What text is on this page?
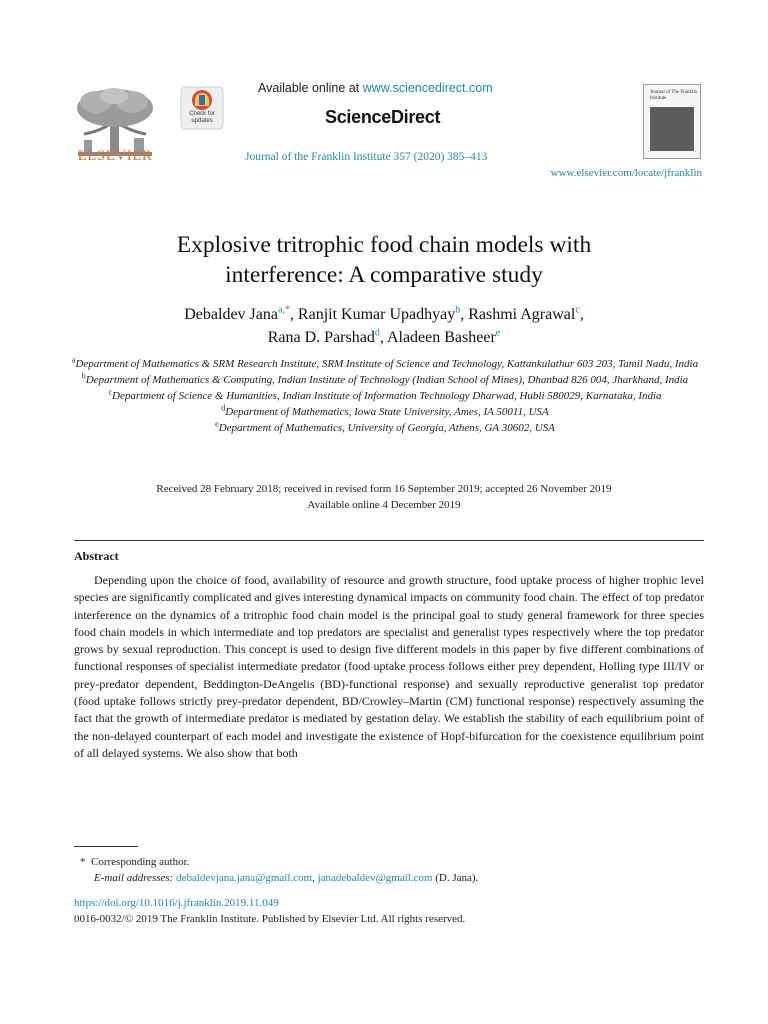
ELSEVIER
Check for updates
Available online at www.sciencedirect.com
ScienceDirect
Journal of the Franklin Institute 357 (2020) 385–413
www.elsevier.com/locate/jfranklin
Journal of The Franklin Institute
Explosive tritrophic food chain models with
interference: A comparative study
Debaldev Jana$^{a,*}$, Ranjit Kumar Upadhyay$^b$, Rashmi Agrawal$^c$,
Rana D. Parshad$^d$, Aladeen Basheer$^e$
$^a$Department of Mathematics & SRM Research Institute, SRM Institute of Science and Technology, Kattankulathur 603 203, Tamil Nadu, India
$^b$Department of Mathematics & Computing, Indian Institute of Technology (Indian School of Mines), Dhanbad 826 004, Jharkhand, India
$^c$Department of Science & Humanities, Indian Institute of Information Technology Dharwad, Hubli 580029, Karnataka, India
$^d$Department of Mathematics, Iowa State University, Ames, IA 50011, USA
$^e$Department of Mathematics, University of Georgia, Athens, GA 30602, USA
Received 28 February 2018; received in revised form 16 September 2019; accepted 26 November 2019
Available online 4 December 2019
Abstract
Depending upon the choice of food, availability of resource and growth structure, food uptake process of higher trophic level species are significantly complicated and gives interesting dynamical impacts on community food chain. The effect of top predator interference on the dynamics of a tritrophic food chain model is the principal goal to study general framework for three species food chain models in which intermediate and top predators are specialist and generalist types respectively where the top predator grows by sexual reproduction. This concept is used to design five different models in this paper by five different combinations of functional responses of specialist intermediate predator (food uptake process follows either prey dependent, Holling type III/IV or prey-predator dependent, Beddington-DeAngelis (BD)-functional response) and sexually reproductive generalist top predator (food uptake follows strictly prey-predator dependent, BD/Crowley–Martin (CM) functional response) respectively assuming the fact that the growth of intermediate predator is mediated by gestation delay. We establish the stability of each equilibrium point of the non-delayed counterpart of each model and investigate the existence of Hopf-bifurcation for the coexistence equilibrium point of all delayed systems. We also show that both
* Corresponding author.
E-mail addresses: debaldevjana.jana@gmail.com, janadebaldev@gmail.com (D. Jana).
https://doi.org/10.1016/j.jfranklin.2019.11.049
0016-0032/© 2019 The Franklin Institute. Published by Elsevier Ltd. All rights reserved.
